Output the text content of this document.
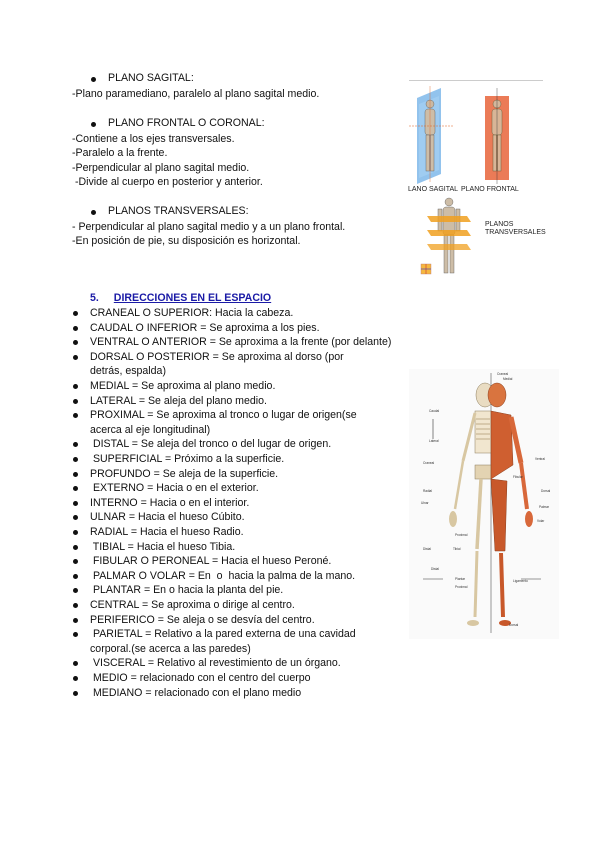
PLANO SAGITAL:
-Plano paramediano, paralelo al plano sagital medio.
PLANO FRONTAL O CORONAL:
-Contiene a los ejes transversales.
-Paralelo a la frente.
-Perpendicular al plano sagital medio.
-Divide al cuerpo en posterior y anterior.
PLANOS TRANSVERSALES:
- Perpendicular al plano sagital medio y a un plano frontal.
-En posición de pie, su disposición es horizontal.
LANO SAGITAL PLANO FRONTAL
PLANOS
TRANSVERSALES
5. DIRECCIONES EN EL ESPACIO
CRANEAL O SUPERIOR: Hacia la cabeza.
CAUDAL O INFERIOR = Se aproxima a los pies.
VENTRAL O ANTERIOR = Se aproxima a la frente (por delante)
DORSAL O POSTERIOR = Se aproxima al dorso (por
detrás, espalda)
MEDIAL = Se aproxima al plano medio.
LATERAL = Se aleja del plano medio.
PROXIMAL = Se aproxima al tronco o lugar de origen(se
acerca al eje longitudinal)
DISTAL = Se aleja del tronco o del lugar de origen.
SUPERFICIAL = Próximo a la superficie.
PROFUNDO = Se aleja de la superficie.
EXTERNO = Hacia o en el exterior.
INTERNO = Hacia o en el interior.
ULNAR = Hacia el hueso Cúbito.
RADIAL = Hacia el hueso Radio.
TIBIAL = Hacia el hueso Tibia.
FIBULAR O PERONEAL = Hacia el hueso Peroné.
PALMAR O VOLAR = En  o  hacia la palma de la mano.
PLANTAR = En o hacia la planta del pie.
CENTRAL = Se aproxima o dirige al centro.
PERIFERICO = Se aleja o se desvía del centro.
PARIETAL = Relativo a la pared externa de una cavidad
corporal.(se acerca a las paredes)
VISCERAL = Relativo al revestimiento de un órgano.
MEDIO = relacionado con el centro del cuerpo
MEDIANO = relacionado con el plano medio
Craneal
Medial
Caudal
Lateral
Craneal
Radial
Ulnar
Proximal
Distal
Dorsal
Volar
Ventral
Fibular
Tibial
Palmar
Distal
Plantar
Proximal
Dorsal
Ligamento
